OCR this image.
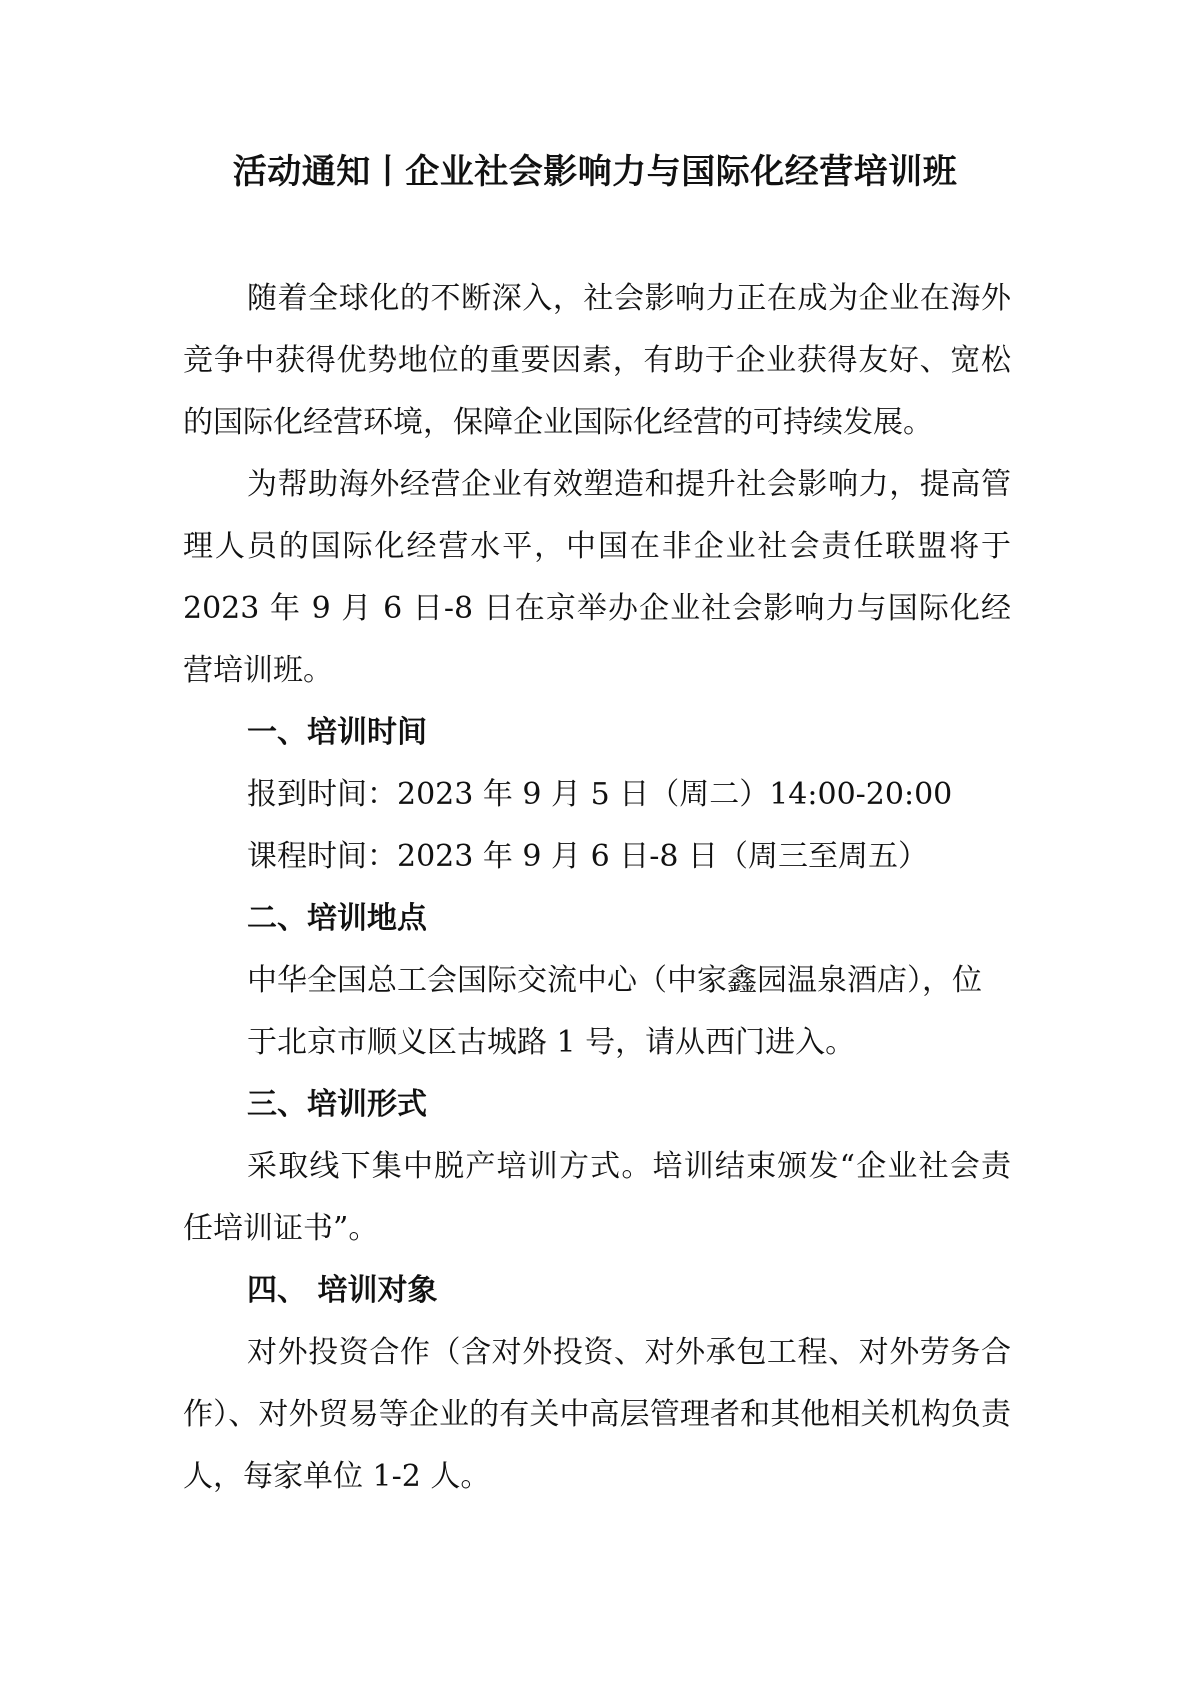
活动通知丨企业社会影响力与国际化经营培训班

随着全球化的不断深入，社会影响力正在成为企业在海外竞争中获得优势地位的重要因素，有助于企业获得友好、宽松的国际化经营环境，保障企业国际化经营的可持续发展。

为帮助海外经营企业有效塑造和提升社会影响力，提高管理人员的国际化经营水平，中国在非企业社会责任联盟将于 2023 年 9 月 6 日-8 日在京举办企业社会影响力与国际化经营培训班。

一、培训时间

报到时间：2023 年 9 月 5 日（周二）14:00-20:00

课程时间：2023 年 9 月 6 日-8 日（周三至周五）

二、培训地点

中华全国总工会国际交流中心（中家鑫园温泉酒店），位

于北京市顺义区古城路 1 号，请从西门进入。

三、培训形式

采取线下集中脱产培训方式。培训结束颁发“企业社会责任培训证书”。

四、 培训对象

对外投资合作（含对外投资、对外承包工程、对外劳务合作）、对外贸易等企业的有关中高层管理者和其他相关机构负责人，每家单位 1-2 人。
